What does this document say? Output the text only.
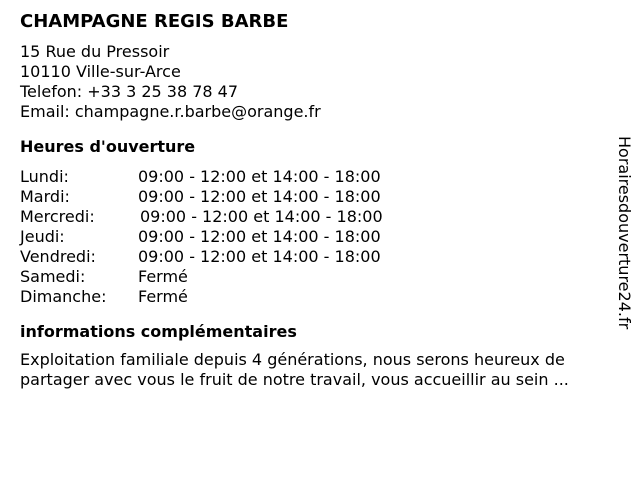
CHAMPAGNE REGIS BARBE
15 Rue du Pressoir
10110 Ville-sur-Arce
Telefon: +33 3 25 38 78 47
Email: champagne.r.barbe@orange.fr
Heures d'ouverture
Lundi:	09:00 - 12:00 et 14:00 - 18:00
Mardi:	09:00 - 12:00 et 14:00 - 18:00
Mercredi:	09:00 - 12:00 et 14:00 - 18:00
Jeudi:	09:00 - 12:00 et 14:00 - 18:00
Vendredi:	09:00 - 12:00 et 14:00 - 18:00
Samedi:	Fermé
Dimanche: Fermé
informations complémentaires
Exploitation familiale depuis 4 générations, nous serons heureux de
partager avec vous le fruit de notre travail, vous accueillir au sein ...
Horairesdouverture24.fr
